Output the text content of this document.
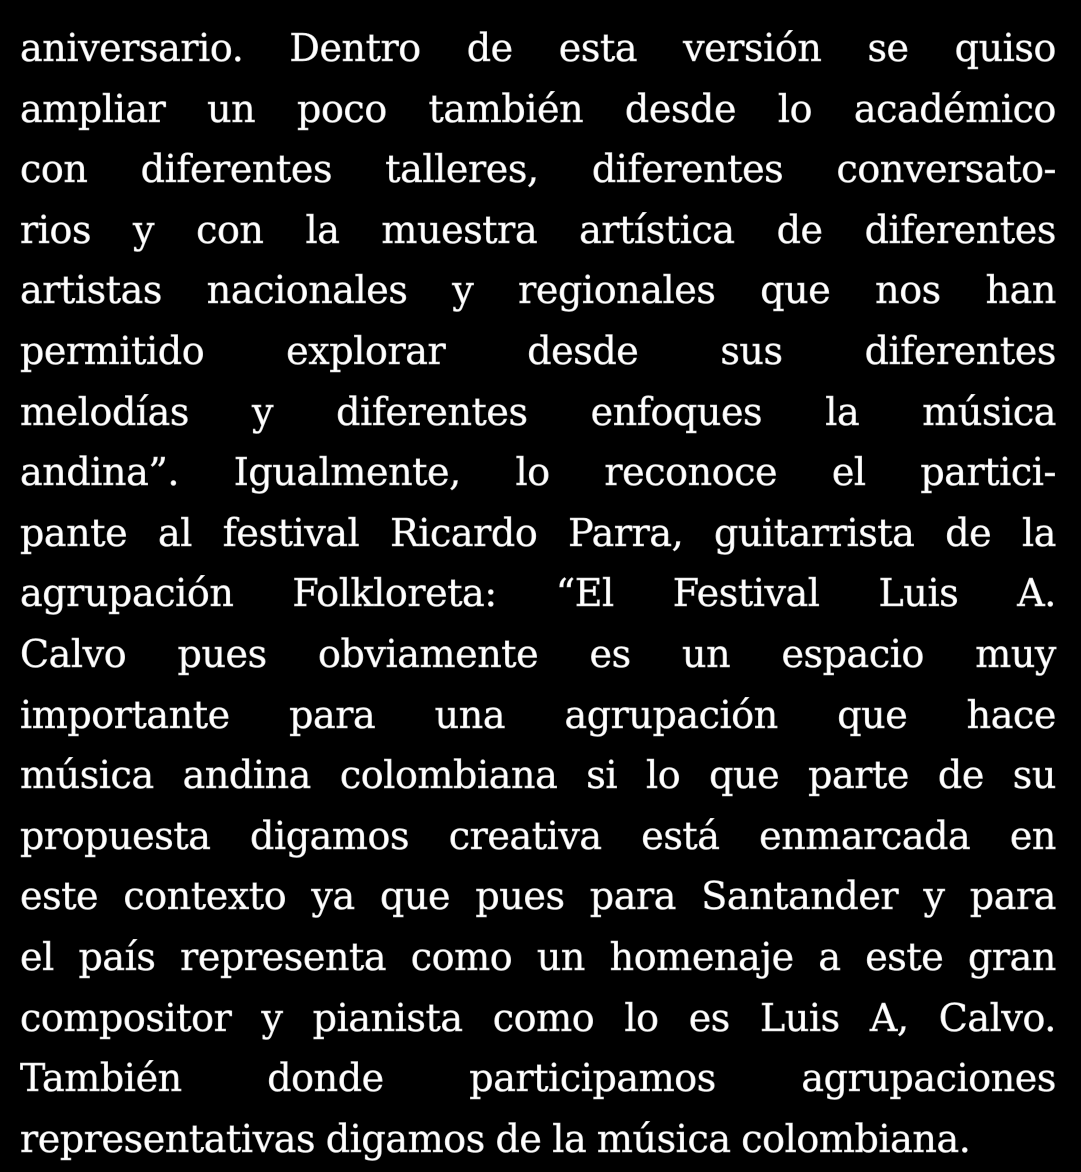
aniversario. Dentro de esta versión se quiso
ampliar un poco también desde lo académico
con diferentes talleres, diferentes conversato-
rios y con la muestra artística de diferentes
artistas nacionales y regionales que nos han
permitido explorar desde sus diferentes
melodías y diferentes enfoques la música
andina”. Igualmente, lo reconoce el partici-
pante al festival Ricardo Parra, guitarrista de la
agrupación Folkloreta: “El Festival Luis A.
Calvo pues obviamente es un espacio muy
importante para una agrupación que hace
música andina colombiana si lo que parte de su
propuesta digamos creativa está enmarcada en
este contexto ya que pues para Santander y para
el país representa como un homenaje a este gran
compositor y pianista como lo es Luis A, Calvo.
También donde participamos agrupaciones
representativas digamos de la música colombiana.
